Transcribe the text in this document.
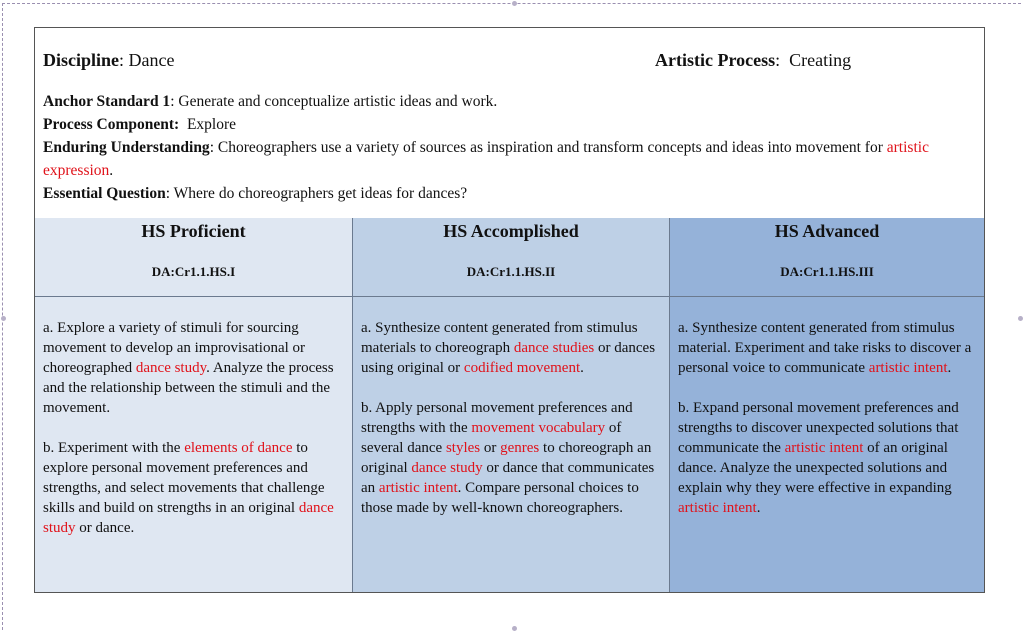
Discipline: Dance	Artistic Process:  Creating

Anchor Standard 1: Generate and conceptualize artistic ideas and work.

Process Component: Explore

Enduring Understanding: Choreographers use a variety of sources as inspiration and transform concepts and ideas into movement for artistic expression.

Essential Question: Where do choreographers get ideas for dances?

HS Proficient
DA:Cr1.1.HS.I

a. Explore a variety of stimuli for sourcing movement to develop an improvisational or choreographed dance study. Analyze the process and the relationship between the stimuli and the movement.

b. Experiment with the elements of dance to explore personal movement preferences and strengths, and select movements that challenge skills and build on strengths in an original dance study or dance.

HS Accomplished
DA:Cr1.1.HS.II

a. Synthesize content generated from stimulus materials to choreograph dance studies or dances using original or codified movement.

b. Apply personal movement preferences and strengths with the movement vocabulary of several dance styles or genres to choreograph an original dance study or dance that communicates an artistic intent. Compare personal choices to those made by well-known choreographers.

HS Advanced
DA:Cr1.1.HS.III

a. Synthesize content generated from stimulus material. Experiment and take risks to discover a personal voice to communicate artistic intent.

b. Expand personal movement preferences and strengths to discover unexpected solutions that communicate the artistic intent of an original dance. Analyze the unexpected solutions and explain why they were effective in expanding artistic intent.
